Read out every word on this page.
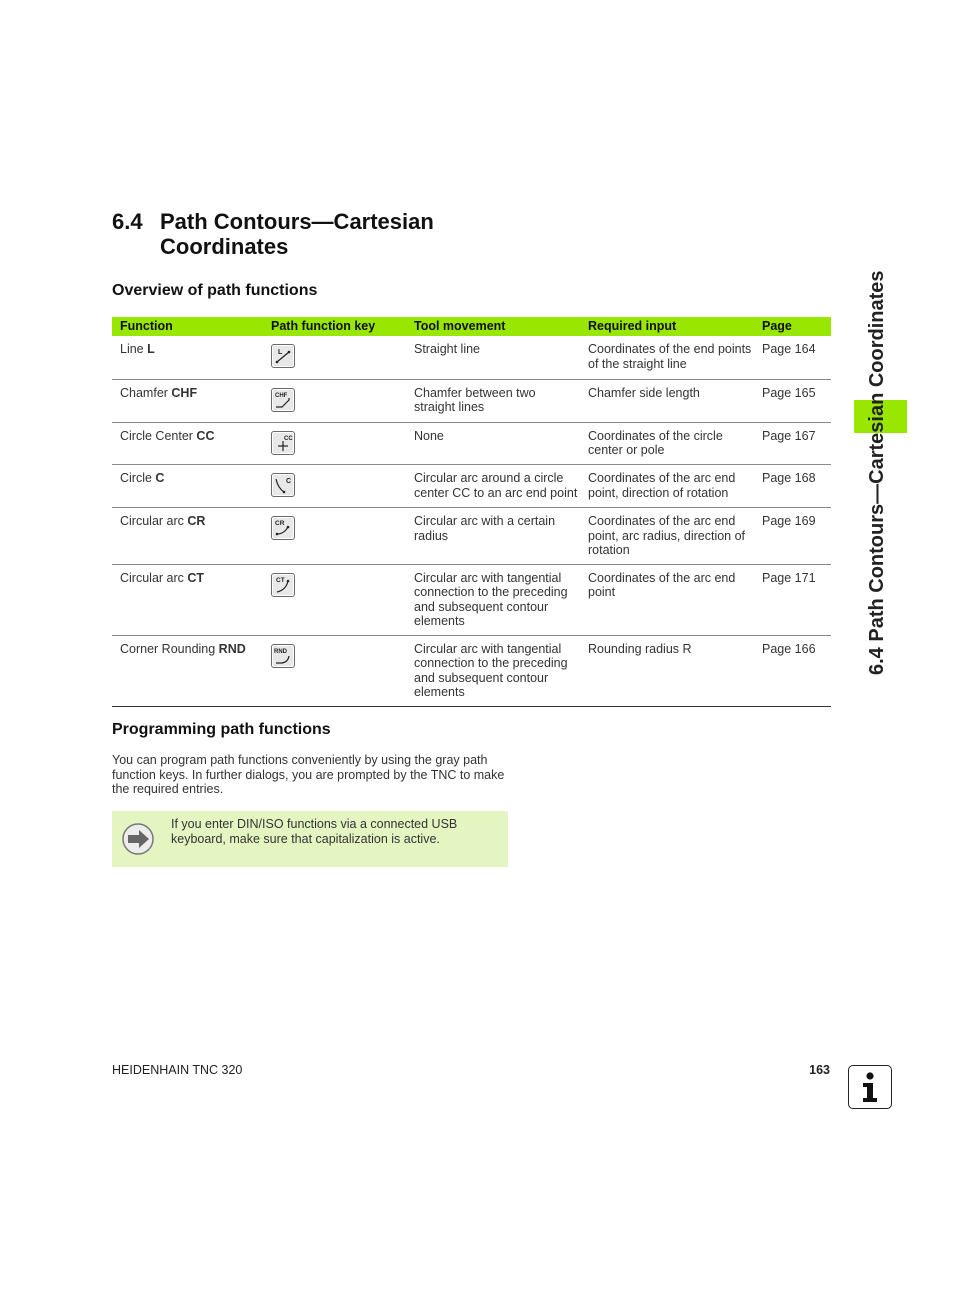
6.4 Path Contours—Cartesian Coordinates
Overview of path functions
Function	Path function key	Tool movement	Required input	Page
Line L	L	Straight line	Coordinates of the end points of the straight line	Page 164
Chamfer CHF	CHF	Chamfer between two straight lines	Chamfer side length	Page 165
Circle Center CC	CC	None	Coordinates of the circle center or pole	Page 167
Circle C	C	Circular arc around a circle center CC to an arc end point	Coordinates of the arc end point, direction of rotation	Page 168
Circular arc CR	CR	Circular arc with a certain radius	Coordinates of the arc end point, arc radius, direction of rotation	Page 169
Circular arc CT	CT	Circular arc with tangential connection to the preceding and subsequent contour elements	Coordinates of the arc end point	Page 171
Corner Rounding RND	RND	Circular arc with tangential connection to the preceding and subsequent contour elements	Rounding radius R	Page 166
Programming path functions
You can program path functions conveniently by using the gray path function keys. In further dialogs, you are prompted by the TNC to make the required entries.
If you enter DIN/ISO functions via a connected USB keyboard, make sure that capitalization is active.
6.4 Path Contours—Cartesian Coordinates
HEIDENHAIN TNC 320	163
